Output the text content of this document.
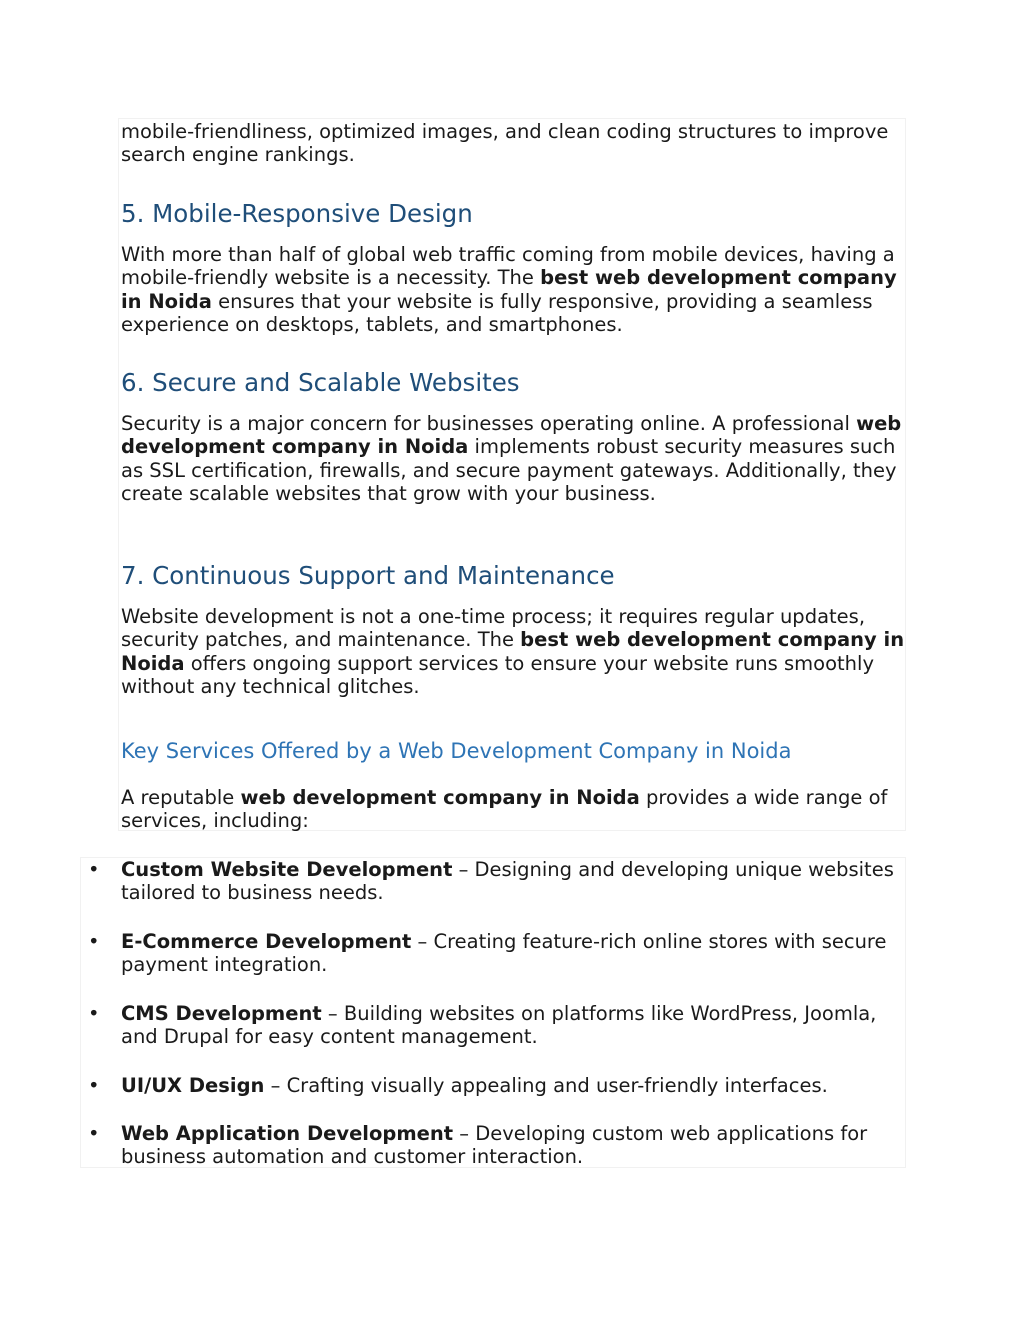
mobile-friendliness, optimized images, and clean coding structures to improve search engine rankings.

5. Mobile-Responsive Design

With more than half of global web traffic coming from mobile devices, having a mobile-friendly website is a necessity. The best web development company in Noida ensures that your website is fully responsive, providing a seamless experience on desktops, tablets, and smartphones.

6. Secure and Scalable Websites

Security is a major concern for businesses operating online. A professional web development company in Noida implements robust security measures such as SSL certification, firewalls, and secure payment gateways. Additionally, they create scalable websites that grow with your business.

7. Continuous Support and Maintenance

Website development is not a one-time process; it requires regular updates, security patches, and maintenance. The best web development company in Noida offers ongoing support services to ensure your website runs smoothly without any technical glitches.

Key Services Offered by a Web Development Company in Noida

A reputable web development company in Noida provides a wide range of services, including:

• Custom Website Development – Designing and developing unique websites tailored to business needs.

• E-Commerce Development – Creating feature-rich online stores with secure payment integration.

• CMS Development – Building websites on platforms like WordPress, Joomla, and Drupal for easy content management.

• UI/UX Design – Crafting visually appealing and user-friendly interfaces.

• Web Application Development – Developing custom web applications for business automation and customer interaction.
